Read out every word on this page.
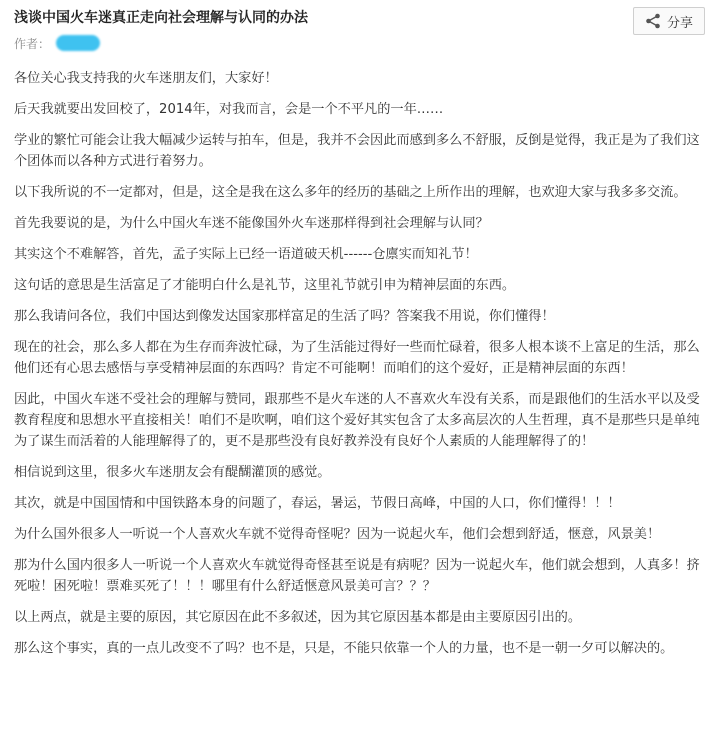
浅谈中国火车迷真正走向社会理解与认同的办法
作者：
分享

各位关心我支持我的火车迷朋友们，大家好！

后天我就要出发回校了，2014年，对我而言，会是一个不平凡的一年……

学业的繁忙可能会让我大幅减少运转与拍车，但是，我并不会因此而感到多么不舒服，反倒是觉得，我正是为了我们这个团体而以各种方式进行着努力。

以下我所说的不一定都对，但是，这全是我在这么多年的经历的基础之上所作出的理解，也欢迎大家与我多多交流。

首先我要说的是，为什么中国火车迷不能像国外火车迷那样得到社会理解与认同？

其实这个不难解答，首先，孟子实际上已经一语道破天机------仓廪实而知礼节！

这句话的意思是生活富足了才能明白什么是礼节，这里礼节就引申为精神层面的东西。

那么我请问各位，我们中国达到像发达国家那样富足的生活了吗？答案我不用说，你们懂得！

现在的社会，那么多人都在为生存而奔波忙碌，为了生活能过得好一些而忙碌着，很多人根本谈不上富足的生活，那么他们还有心思去感悟与享受精神层面的东西吗？肯定不可能啊！而咱们的这个爱好，正是精神层面的东西！

因此，中国火车迷不受社会的理解与赞同，跟那些不是火车迷的人不喜欢火车没有关系，而是跟他们的生活水平以及受教育程度和思想水平直接相关！咱们不是吹啊，咱们这个爱好其实包含了太多高层次的人生哲理，真不是那些只是单纯为了谋生而活着的人能理解得了的，更不是那些没有良好教养没有良好个人素质的人能理解得了的！

相信说到这里，很多火车迷朋友会有醍醐灌顶的感觉。

其次，就是中国国情和中国铁路本身的问题了，春运，暑运，节假日高峰，中国的人口，你们懂得！！！

为什么国外很多人一听说一个人喜欢火车就不觉得奇怪呢？因为一说起火车，他们会想到舒适，惬意，风景美！

那为什么国内很多人一听说一个人喜欢火车就觉得奇怪甚至说是有病呢？因为一说起火车，他们就会想到，人真多！挤死啦！困死啦！票难买死了！！！哪里有什么舒适惬意风景美可言？？？

以上两点，就是主要的原因，其它原因在此不多叙述，因为其它原因基本都是由主要原因引出的。

那么这个事实，真的一点儿改变不了吗？也不是，只是，不能只依靠一个人的力量，也不是一朝一夕可以解决的。
